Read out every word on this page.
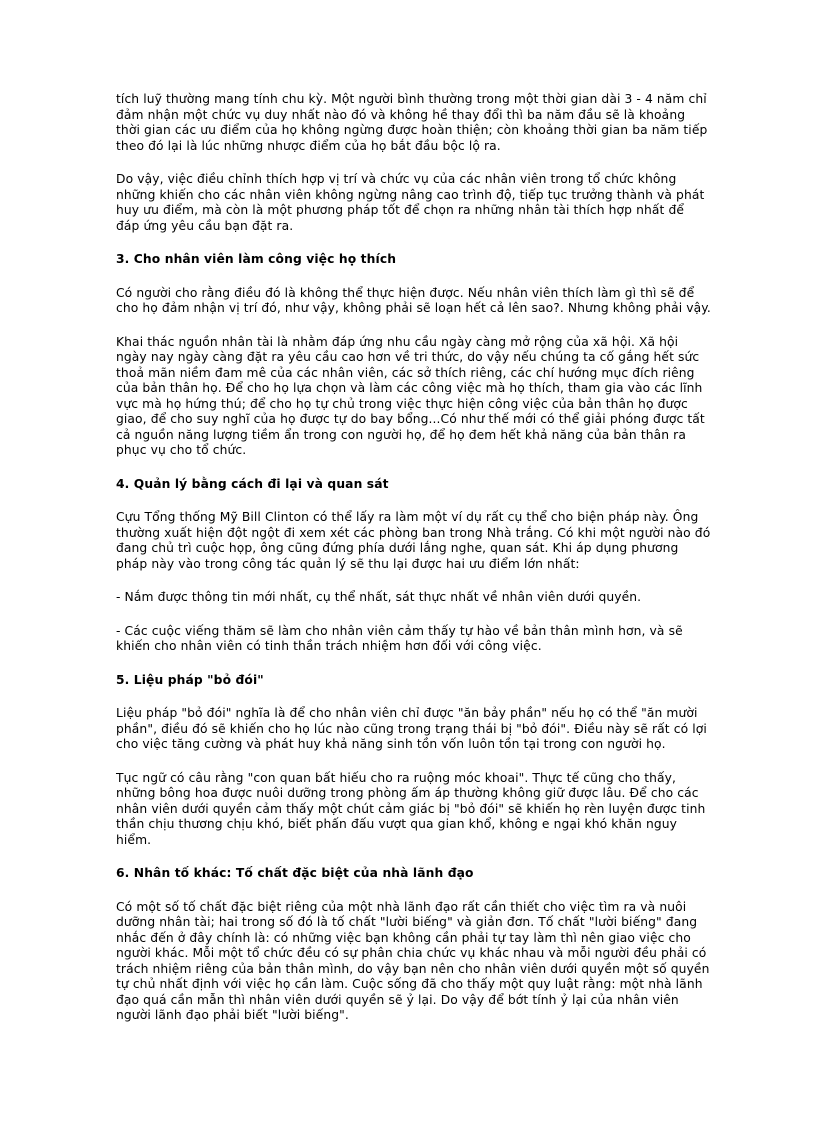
tích luỹ thường mang tính chu kỳ. Một người bình thường trong một thời gian dài 3 - 4 năm chỉ đảm nhận một chức vụ duy nhất nào đó và không hề thay đổi thì ba năm đầu sẽ là khoảng thời gian các ưu điểm của họ không ngừng được hoàn thiện; còn khoảng thời gian ba năm tiếp theo đó lại là lúc những nhược điểm của họ bắt đầu bộc lộ ra.

Do vậy, việc điều chỉnh thích hợp vị trí và chức vụ của các nhân viên trong tổ chức không những khiến cho các nhân viên không ngừng nâng cao trình độ, tiếp tục trưởng thành và phát huy ưu điểm, mà còn là một phương pháp tốt để chọn ra những nhân tài thích hợp nhất để đáp ứng yêu cầu bạn đặt ra.

3. Cho nhân viên làm công việc họ thích

Có người cho rằng điều đó là không thể thực hiện được. Nếu nhân viên thích làm gì thì sẽ để cho họ đảm nhận vị trí đó, như vậy, không phải sẽ loạn hết cả lên sao?. Nhưng không phải vậy.

Khai thác nguồn nhân tài là nhằm đáp ứng nhu cầu ngày càng mở rộng của xã hội. Xã hội ngày nay ngày càng đặt ra yêu cầu cao hơn về tri thức, do vậy nếu chúng ta cố gắng hết sức thoả mãn niềm đam mê của các nhân viên, các sở thích riêng, các chí hướng mục đích riêng của bản thân họ. Để cho họ lựa chọn và làm các công việc mà họ thích, tham gia vào các lĩnh vực mà họ hứng thú; để cho họ tự chủ trong việc thực hiện công việc của bản thân họ được giao, để cho suy nghĩ của họ được tự do bay bổng...Có như thế mới có thể giải phóng được tất cả nguồn năng lượng tiềm ẩn trong con người họ, để họ đem hết khả năng của bản thân ra phục vụ cho tổ chức.

4. Quản lý bằng cách đi lại và quan sát

Cựu Tổng thống Mỹ Bill Clinton có thể lấy ra làm một ví dụ rất cụ thể cho biện pháp này. Ông thường xuất hiện đột ngột đi xem xét các phòng ban trong Nhà trắng. Có khi một người nào đó đang chủ trì cuộc họp, ông cũng đứng phía dưới lắng nghe, quan sát. Khi áp dụng phương pháp này vào trong công tác quản lý sẽ thu lại được hai ưu điểm lớn nhất:

- Nắm được thông tin mới nhất, cụ thể nhất, sát thực nhất về nhân viên dưới quyền.

- Các cuộc viếng thăm sẽ làm cho nhân viên cảm thấy tự hào về bản thân mình hơn, và sẽ khiến cho nhân viên có tinh thần trách nhiệm hơn đối với công việc.

5. Liệu pháp "bỏ đói"

Liệu pháp "bỏ đói" nghĩa là để cho nhân viên chỉ được "ăn bảy phần" nếu họ có thể "ăn mười phần", điều đó sẽ khiến cho họ lúc nào cũng trong trạng thái bị "bỏ đói". Điều này sẽ rất có lợi cho việc tăng cường và phát huy khả năng sinh tồn vốn luôn tồn tại trong con người họ.

Tục ngữ có câu rằng "con quan bất hiếu cho ra ruộng móc khoai". Thực tế cũng cho thấy, những bông hoa được nuôi dưỡng trong phòng ấm áp thường không giữ được lâu. Để cho các nhân viên dưới quyền cảm thấy một chút cảm giác bị "bỏ đói" sẽ khiến họ rèn luyện được tinh thần chịu thương chịu khó, biết phấn đấu vượt qua gian khổ, không e ngại khó khăn nguy hiểm.

6. Nhân tố khác: Tố chất đặc biệt của nhà lãnh đạo

Có một số tố chất đặc biệt riêng của một nhà lãnh đạo rất cần thiết cho việc tìm ra và nuôi dưỡng nhân tài; hai trong số đó là tố chất "lười biếng" và giản đơn. Tố chất "lười biếng" đang nhắc đến ở đây chính là: có những việc bạn không cần phải tự tay làm thì nên giao việc cho người khác. Mỗi một tổ chức đều có sự phân chia chức vụ khác nhau và mỗi người đều phải có trách nhiệm riêng của bản thân mình, do vậy bạn nên cho nhân viên dưới quyền một số quyền tự chủ nhất định với việc họ cần làm. Cuộc sống đã cho thấy một quy luật rằng: một nhà lãnh đạo quá cần mẫn thì nhân viên dưới quyền sẽ ỷ lại. Do vậy để bớt tính ỷ lại của nhân viên người lãnh đạo phải biết "lười biếng".
